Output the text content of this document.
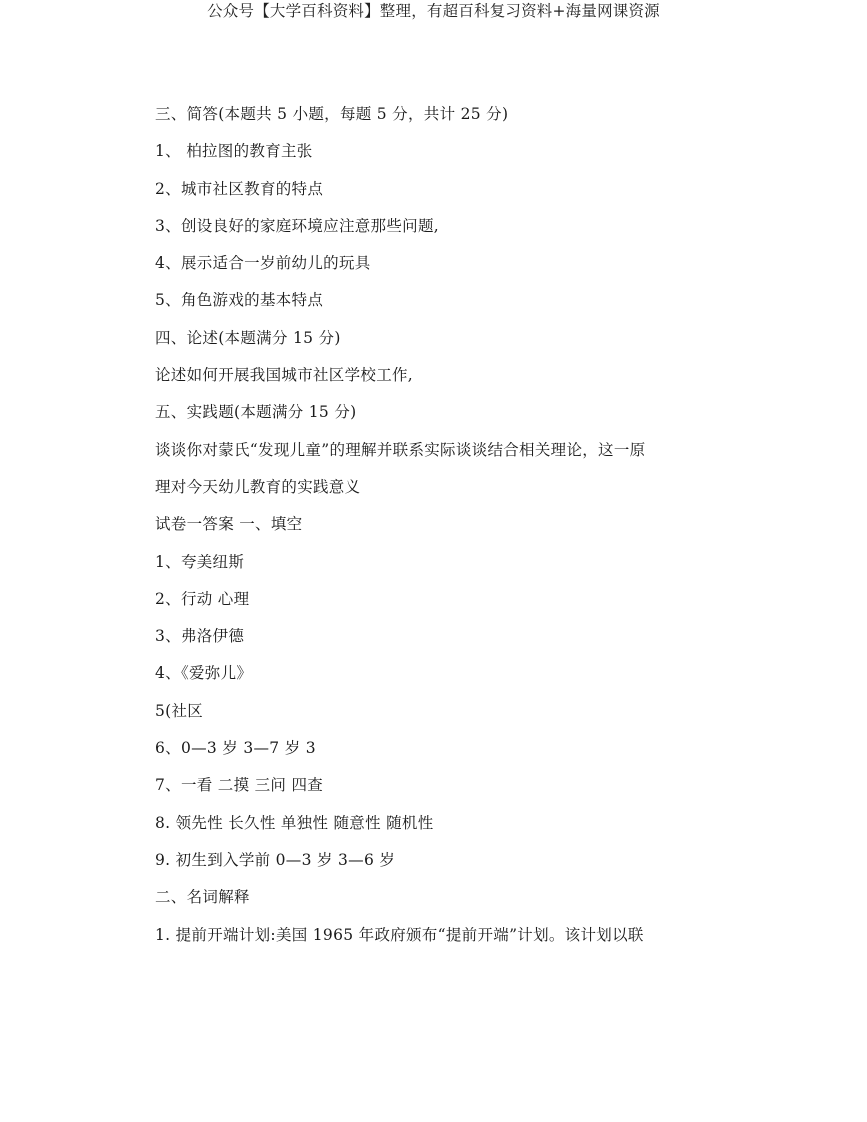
公众号【大学百科资料】整理，有超百科复习资料+海量网课资源
三、简答(本题共 5 小题，每题 5 分，共计 25 分)
1、 柏拉图的教育主张
2、城市社区教育的特点
3、创设良好的家庭环境应注意那些问题,
4、展示适合一岁前幼儿的玩具
5、角色游戏的基本特点
四、论述(本题满分 15 分)
论述如何开展我国城市社区学校工作,
五、实践题(本题满分 15 分)
谈谈你对蒙氏“发现儿童”的理解并联系实际谈谈结合相关理论，这一原
理对今天幼儿教育的实践意义
试卷一答案 一、填空
1、夸美纽斯
2、行动 心理
3、弗洛伊德
4、《爱弥儿》
5(社区
6、0—3 岁 3—7 岁 3
7、一看 二摸 三问 四查
8. 领先性 长久性 单独性 随意性 随机性
9. 初生到入学前 0—3 岁 3—6 岁
二、名词解释
1. 提前开端计划:美国 1965 年政府颁布“提前开端”计划。该计划以联
